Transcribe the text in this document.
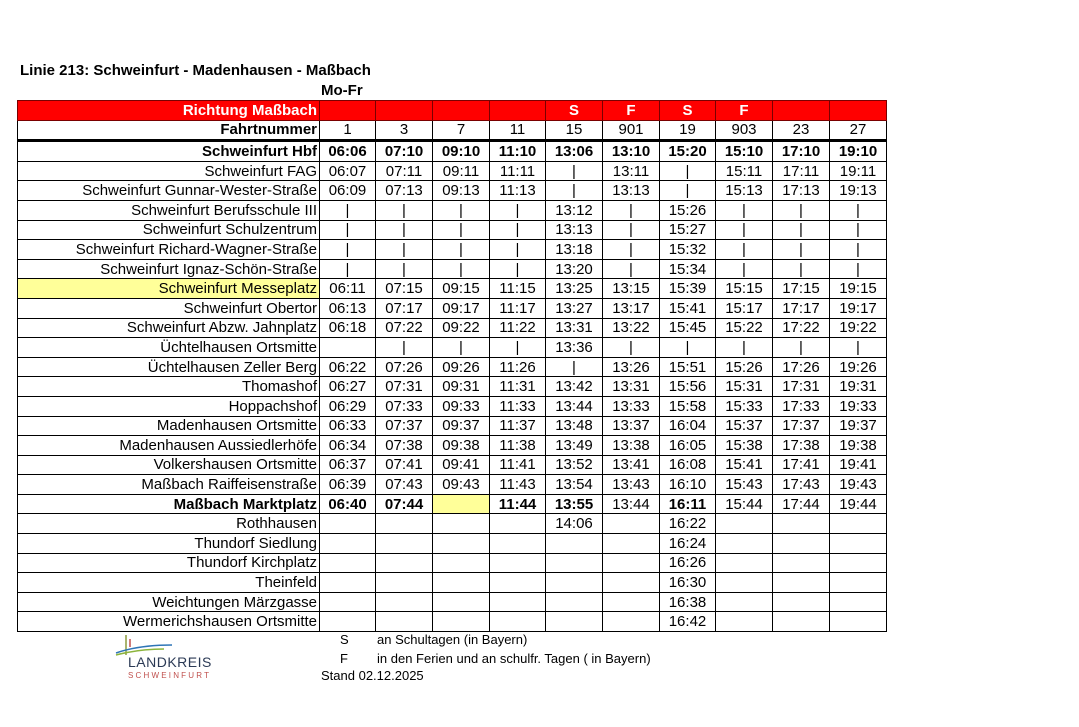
Linie 213: Schweinfurt - Madenhausen - Maßbach
Mo-Fr
Richtung Maßbach					S	F	S	F		
Fahrtnummer	1	3	7	11	15	901	19	903	23	27
Schweinfurt Hbf	06:06	07:10	09:10	11:10	13:06	13:10	15:20	15:10	17:10	19:10
Schweinfurt FAG	06:07	07:11	09:11	11:11	|	13:11	|	15:11	17:11	19:11
Schweinfurt Gunnar-Wester-Straße	06:09	07:13	09:13	11:13	|	13:13	|	15:13	17:13	19:13
Schweinfurt Berufsschule III	|	|	|	|	13:12	|	15:26	|	|	|
Schweinfurt Schulzentrum	|	|	|	|	13:13	|	15:27	|	|	|
Schweinfurt Richard-Wagner-Straße	|	|	|	|	13:18	|	15:32	|	|	|
Schweinfurt Ignaz-Schön-Straße	|	|	|	|	13:20	|	15:34	|	|	|
Schweinfurt Messeplatz	06:11	07:15	09:15	11:15	13:25	13:15	15:39	15:15	17:15	19:15
Schweinfurt Obertor	06:13	07:17	09:17	11:17	13:27	13:17	15:41	15:17	17:17	19:17
Schweinfurt Abzw. Jahnplatz	06:18	07:22	09:22	11:22	13:31	13:22	15:45	15:22	17:22	19:22
Üchtelhausen Ortsmitte		|	|	|	13:36	|	|	|	|	|
Üchtelhausen Zeller Berg	06:22	07:26	09:26	11:26	|	13:26	15:51	15:26	17:26	19:26
Thomashof	06:27	07:31	09:31	11:31	13:42	13:31	15:56	15:31	17:31	19:31
Hoppachshof	06:29	07:33	09:33	11:33	13:44	13:33	15:58	15:33	17:33	19:33
Madenhausen Ortsmitte	06:33	07:37	09:37	11:37	13:48	13:37	16:04	15:37	17:37	19:37
Madenhausen Aussiedlerhöfe	06:34	07:38	09:38	11:38	13:49	13:38	16:05	15:38	17:38	19:38
Volkershausen Ortsmitte	06:37	07:41	09:41	11:41	13:52	13:41	16:08	15:41	17:41	19:41
Maßbach Raiffeisenstraße	06:39	07:43	09:43	11:43	13:54	13:43	16:10	15:43	17:43	19:43
Maßbach Marktplatz	06:40	07:44		11:44	13:55	13:44	16:11	15:44	17:44	19:44
Rothhausen					14:06		16:22			
Thundorf Siedlung							16:24			
Thundorf Kirchplatz							16:26			
Theinfeld							16:30			
Weichtungen Märzgasse							16:38			
Wermerichshausen Ortsmitte							16:42			
LANDKREIS
SCHWEINFURT
S an Schultagen (in Bayern)
F in den Ferien und an schulfr. Tagen ( in Bayern)
Stand 02.12.2025
